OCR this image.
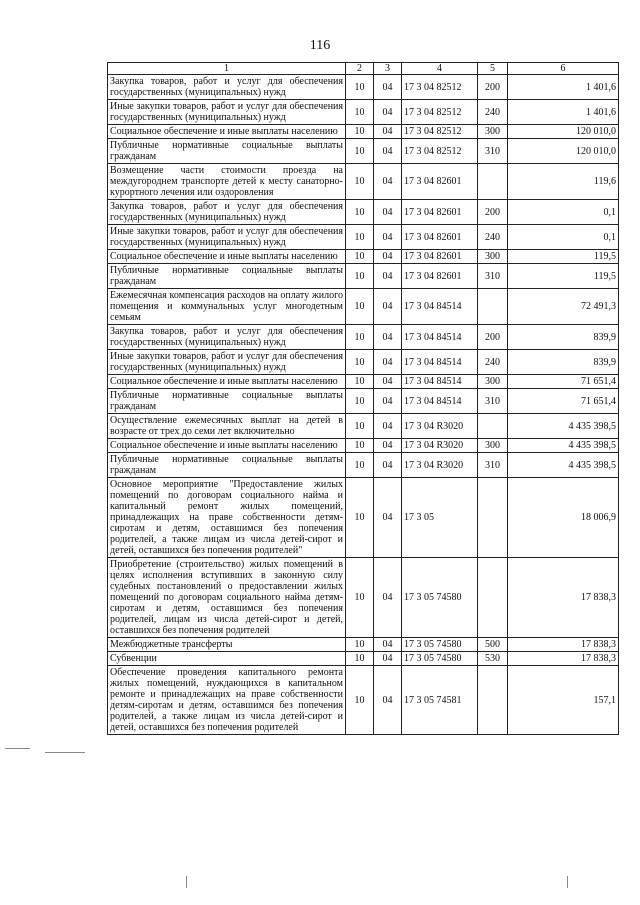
116
1	2	3	4	5	6
Закупка товаров, работ и услуг для обеспечения государственных (муниципальных) нужд	10	04	17 3 04 82512	200	1 401,6
Иные закупки товаров, работ и услуг для обеспечения государственных (муниципальных) нужд	10	04	17 3 04 82512	240	1 401,6
Социальное обеспечение и иные выплаты населению	10	04	17 3 04 82512	300	120 010,0
Публичные нормативные социальные выплаты гражданам	10	04	17 3 04 82512	310	120 010,0
Возмещение части стоимости проезда на междугороднем транспорте детей к месту санаторно-курортного лечения или оздоровления	10	04	17 3 04 82601		119,6
Закупка товаров, работ и услуг для обеспечения государственных (муниципальных) нужд	10	04	17 3 04 82601	200	0,1
Иные закупки товаров, работ и услуг для обеспечения государственных (муниципальных) нужд	10	04	17 3 04 82601	240	0,1
Социальное обеспечение и иные выплаты населению	10	04	17 3 04 82601	300	119,5
Публичные нормативные социальные выплаты гражданам	10	04	17 3 04 82601	310	119,5
Ежемесячная компенсация расходов на оплату жилого помещения и коммунальных услуг многодетным семьям	10	04	17 3 04 84514		72 491,3
Закупка товаров, работ и услуг для обеспечения государственных (муниципальных) нужд	10	04	17 3 04 84514	200	839,9
Иные закупки товаров, работ и услуг для обеспечения государственных (муниципальных) нужд	10	04	17 3 04 84514	240	839,9
Социальное обеспечение и иные выплаты населению	10	04	17 3 04 84514	300	71 651,4
Публичные нормативные социальные выплаты гражданам	10	04	17 3 04 84514	310	71 651,4
Осуществление ежемесячных выплат на детей в возрасте от трех до семи лет включительно	10	04	17 3 04 R3020		4 435 398,5
Социальное обеспечение и иные выплаты населению	10	04	17 3 04 R3020	300	4 435 398,5
Публичные нормативные социальные выплаты гражданам	10	04	17 3 04 R3020	310	4 435 398,5
Основное мероприятие "Предоставление жилых помещений по договорам социального найма и капитальный ремонт жилых помещений, принадлежащих на праве собственности детям-сиротам и детям, оставшимся без попечения родителей, а также лицам из числа детей-сирот и детей, оставшихся без попечения родителей"	10	04	17 3 05		18 006,9
Приобретение (строительство) жилых помещений в целях исполнения вступивших в законную силу судебных постановлений о предоставлении жилых помещений по договорам социального найма детям-сиротам и детям, оставшимся без попечения родителей, лицам из числа детей-сирот и детей, оставшихся без попечения родителей	10	04	17 3 05 74580		17 838,3
Межбюджетные трансферты	10	04	17 3 05 74580	500	17 838,3
Субвенции	10	04	17 3 05 74580	530	17 838,3
Обеспечение проведения капитального ремонта жилых помещений, нуждающихся в капитальном ремонте и принадлежащих на праве собственности детям-сиротам и детям, оставшимся без попечения родителей, а также лицам из числа детей-сирот и детей, оставшихся без попечения родителей	10	04	17 3 05 74581		157,1
